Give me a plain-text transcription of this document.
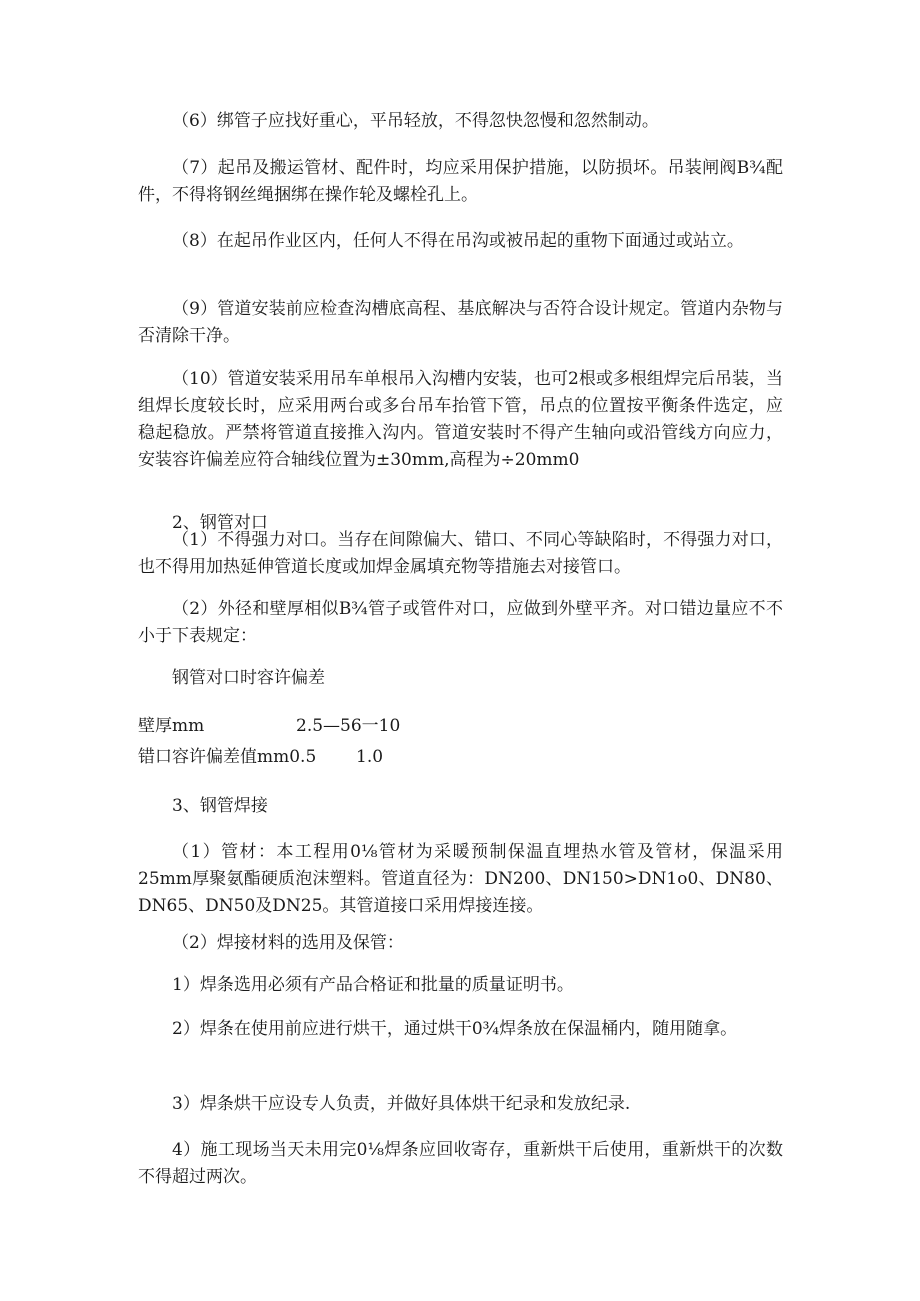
（6）绑管子应找好重心，平吊轻放，不得忽快忽慢和忽然制动。

（7）起吊及搬运管材、配件时，均应采用保护措施，以防损坏。吊装闸阀B¾配件，不得将钢丝绳捆绑在操作轮及螺栓孔上。

（8）在起吊作业区内，任何人不得在吊沟或被吊起的重物下面通过或站立。

（9）管道安装前应检查沟槽底高程、基底解决与否符合设计规定。管道内杂物与否清除干净。

（10）管道安装采用吊车单根吊入沟槽内安装，也可2根或多根组焊完后吊装，当组焊长度较长时，应采用两台或多台吊车抬管下管，吊点的位置按平衡条件选定，应稳起稳放。严禁将管道直接推入沟内。管道安装时不得产生轴向或沿管线方向应力，安装容许偏差应符合轴线位置为±30mm,高程为÷20mm0

2、钢管对口

（1）不得强力对口。当存在间隙偏大、错口、不同心等缺陷时，不得强力对口，也不得用加热延伸管道长度或加焊金属填充物等措施去对接管口。

（2）外径和壁厚相似B¾管子或管件对口，应做到外壁平齐。对口错边量应不不小于下表规定：

钢管对口时容许偏差

壁厚mm	2.5—56一10
错口容许偏差值mm0.5 1.0

3、钢管焊接

（1）管材：本工程用0⅛管材为采暖预制保温直埋热水管及管材，保温采用25mm厚聚氨酯硬质泡沫塑料。管道直径为：DN200、DN150>DN1o0、DN80、DN65、DN50及DN25。其管道接口采用焊接连接。

（2）焊接材料的选用及保管：

1）焊条选用必须有产品合格证和批量的质量证明书。

2）焊条在使用前应进行烘干，通过烘干0¾焊条放在保温桶内，随用随拿。

3）焊条烘干应设专人负责，并做好具体烘干纪录和发放纪录.

4）施工现场当天未用完0⅛焊条应回收寄存，重新烘干后使用，重新烘干的次数不得超过两次。
